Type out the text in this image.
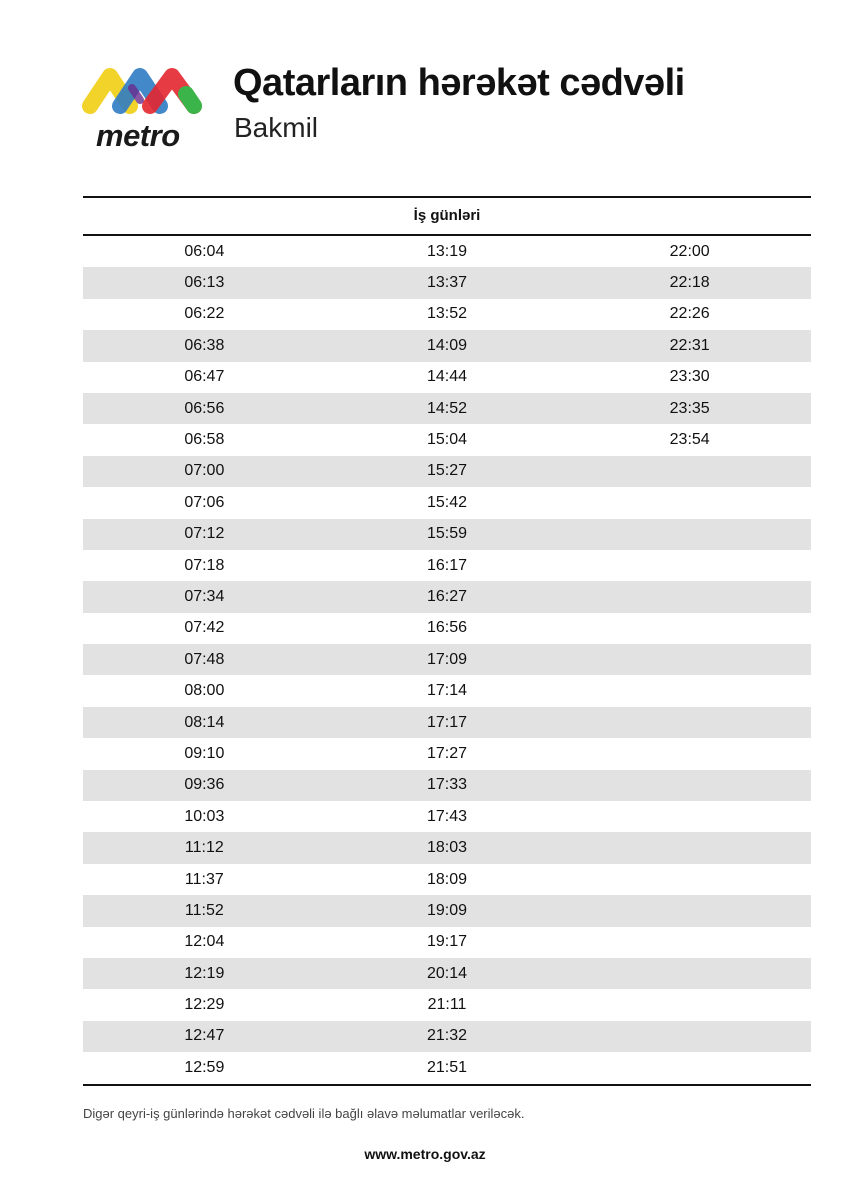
metro
Qatarların hərəkət cədvəli
Bakmil
İş günləri
06:04	13:19	22:00
06:13	13:37	22:18
06:22	13:52	22:26
06:38	14:09	22:31
06:47	14:44	23:30
06:56	14:52	23:35
06:58	15:04	23:54
07:00	15:27
07:06	15:42
07:12	15:59
07:18	16:17
07:34	16:27
07:42	16:56
07:48	17:09
08:00	17:14
08:14	17:17
09:10	17:27
09:36	17:33
10:03	17:43
11:12	18:03
11:37	18:09
11:52	19:09
12:04	19:17
12:19	20:14
12:29	21:11
12:47	21:32
12:59	21:51
Digər qeyri-iş günlərində hərəkət cədvəli ilə bağlı əlavə məlumatlar veriləcək.
www.metro.gov.az
